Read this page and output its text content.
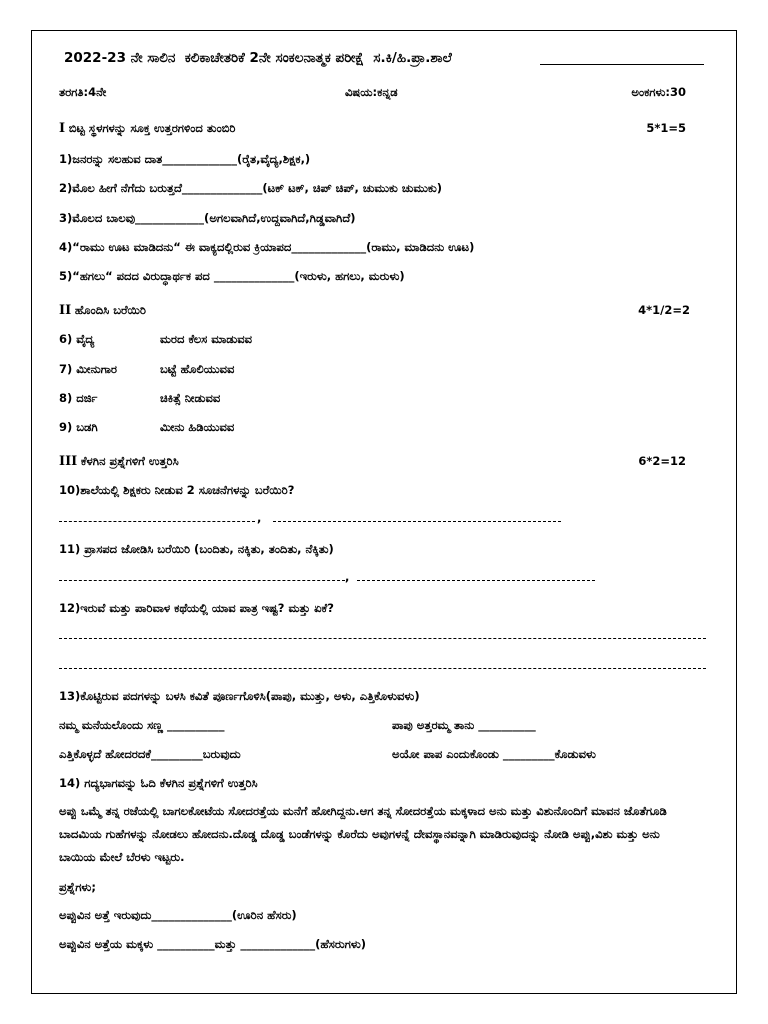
2022-23 ನೇ ಸಾಲಿನ  ಕಲಿಕಾಚೇತರಿಕೆ 2ನೇ ಸಂಕಲನಾತ್ಮಕ ಪರೀಕ್ಷೆ  ಸ.ಕಿ/ಹಿ.ಪ್ರಾ.ಶಾಲೆ
ತರಗತಿ:4ನೇ	ವಿಷಯ:ಕನ್ನಡ	ಅಂಕಗಳು:30
I ಬಿಟ್ಟ ಸ್ಥಳಗಳನ್ನು ಸೂಕ್ತ ಉತ್ತರಗಳಿಂದ ತುಂಬಿರಿ	5*1=5
1)ಜನರನ್ನು ಸಲಹುವ ದಾತ_____________(ರೈತ,ವೈದ್ಯ,ಶಿಕ್ಷಕ,)
2)ಮೊಲ ಹೀಗೆ ನೆಗೆದು ಬರುತ್ತದೆ______________(ಟಕ್ ಟಕ್, ಚಿಪ್ ಚಿಪ್, ಚುಮುಕು ಚುಮುಕು)
3)ಮೊಲದ ಬಾಲವು____________(ಅಗಲವಾಗಿದೆ,ಉದ್ದವಾಗಿದೆ,ಗಿಡ್ಡವಾಗಿದೆ)
4)“ರಾಮು ಊಟ ಮಾಡಿದನು“ ಈ ವಾಕ್ಯದಲ್ಲಿರುವ ಕ್ರಿಯಾಪದ_____________(ರಾಮು, ಮಾಡಿದನು ಊಟ)
5)“ಹಗಲು“ ಪದದ ವಿರುದ್ಧಾರ್ಥಕ ಪದ ______________(ಇರುಳು, ಹಗಲು, ಮರುಳು)
II ಹೊಂದಿಸಿ ಬರೆಯಿರಿ	4*1/2=2
6) ವೈದ್ಯ	ಮರದ ಕೆಲಸ ಮಾಡುವವ
7) ಮೀನುಗಾರ	ಬಟ್ಟೆ ಹೊಲಿಯುವವ
8) ದರ್ಜಿ	ಚಿಕಿತ್ಸೆ ನೀಡುವವ
9) ಬಡಗಿ	ಮೀನು ಹಿಡಿಯುವವ
III ಕೆಳಗಿನ ಪ್ರಶ್ನೆಗಳಿಗೆ ಉತ್ತರಿಸಿ	6*2=12
10)ಶಾಲೆಯಲ್ಲಿ ಶಿಕ್ಷಕರು ನೀಡುವ 2 ಸೂಚನೆಗಳನ್ನು ಬರೆಯಿರಿ?
,
11) ಪ್ರಾಸಪದ ಜೋಡಿಸಿ ಬರೆಯಿರಿ (ಬಂದಿತು, ನಕ್ಕಿತು, ತಂದಿತು, ನೆಕ್ಕಿತು)
,
12)ಇರುವೆ ಮತ್ತು ಪಾರಿವಾಳ ಕಥೆಯಲ್ಲಿ ಯಾವ ಪಾತ್ರ ಇಷ್ಟ? ಮತ್ತು ಏಕೆ?
13)ಕೊಟ್ಟಿರುವ ಪದಗಳನ್ನು ಬಳಸಿ ಕವಿತೆ ಪೂರ್ಣಗೊಳಿಸಿ(ಪಾಪು, ಮುತ್ತು, ಅಳು, ಎತ್ತಿಕೊಳುವಳು)
ನಮ್ಮ ಮನೆಯಲೊಂದು ಸಣ್ಣ __________	ಪಾಪು ಅತ್ತರಮ್ಮ ತಾನು __________
ಎತ್ತಿಕೊಳ್ಳದೆ ಹೋದರದಕೆ_________ಬರುವುದು	ಅಯೋ ಪಾಪ ಎಂದುಕೊಂಡು _________ಕೊಡುವಳು
14) ಗದ್ಯಭಾಗವನ್ನು ಓದಿ ಕೆಳಗಿನ ಪ್ರಶ್ನೆಗಳಿಗೆ ಉತ್ತರಿಸಿ
ಅಪ್ಪು ಒಮ್ಮೆ ತನ್ನ ರಜೆಯಲ್ಲಿ ಬಾಗಲಕೋಟೆಯ ಸೋದರತ್ತೆಯ ಮನೆಗೆ ಹೋಗಿದ್ದನು.ಆಗ ತನ್ನ ಸೋದರತ್ತೆಯ ಮಕ್ಕಳಾದ ಅನು ಮತ್ತು ವಿಶುನೊಂದಿಗೆ ಮಾವನ ಜೊತೆಗೂಡಿ ಬಾದಮಿಯ ಗುಹೆಗಳನ್ನು ನೋಡಲು ಹೋದನು.ದೊಡ್ಡ ದೊಡ್ಡ ಬಂಡೆಗಳನ್ನು ಕೊರೆದು ಅವುಗಳನ್ನೆ ದೇವಸ್ಥಾನವನ್ನಾಗಿ ಮಾಡಿರುವುದನ್ನು ನೋಡಿ ಅಪ್ಪು,ವಿಶು ಮತ್ತು ಅನು ಬಾಯಿಯ ಮೇಲೆ ಬೆರಳು ಇಟ್ಟರು.
ಪ್ರಶ್ನೆಗಳು;
ಅಪ್ಪುವಿನ ಅತ್ತೆ ಇರುವುದು______________(ಊರಿನ ಹೆಸರು)
ಅಪ್ಪುವಿನ ಅತ್ತೆಯ ಮಕ್ಕಳು __________ಮತ್ತು _____________(ಹೆಸರುಗಳು)
